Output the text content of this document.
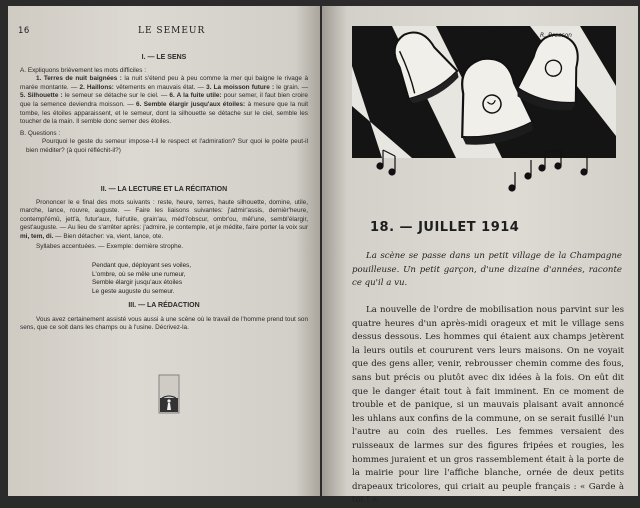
16	LE SEMEUR
I. — LE SENS
A. Expliquons brièvement les mots difficiles :
1. Terres de nuit baignées : la nuit s'étend peu à peu comme la mer qui baigne le rivage à marée montante. — 2. Haillons: vêtements en mauvais état. — 3. La moisson future : le grain. — 5. Silhouette : le semeur se détache sur le ciel. — 6. A la fuite utile: pour semer, il faut bien croire que la semence deviendra moisson. — 6. Semble élargir jusqu'aux étoiles: à mesure que la nuit tombe, les étoiles apparaissent, et le semeur, dont la silhouette se détache sur le ciel, semble les toucher de la main. Il semble donc semer des étoiles.
B. Questions :
Pourquoi le geste du semeur impose-t-il le respect et l'admiration? Sur quoi le poète peut-il bien méditer? (à quoi réfléchit-il?)
II. — LA LECTURE ET LA RÉCITATION
Prononcer le e final des mots suivants : reste, heure, terres, haute silhouette, domine, utile, marche, lance, rouvre, auguste. — Faire les liaisons suivantes: j'admir'assis, dernièr'heure, contempl'émû, jett'à, futur'aux, fuit'utile, grain'au, méd'i'obscur, ombr'ou, mêl'une, sembl'élargir, gest'auguste. — Au lieu de s'arrêter après: j'admire, je contemple, et je médite, faire porter la voix sur mi, tem, di. — Bien détacher: va, vient, lance, ote.
Syllabes accentuées. — Exemple: dernière strophe.
Pendant que, déployant ses voiles,
L'ombre, où se mêle une rumeur,
Semble élargir jusqu'aux étoiles
Le geste auguste du semeur.
III. — LA RÉDACTION
Vous avez certainement assisté vous aussi à une scène où le travail de l'homme prend tout son sens, que ce soit dans les champs ou à l'usine. Décrivez-la.
R. Bresson
18. — JUILLET 1914
La scène se passe dans un petit village de la Champagne pouilleuse. Un petit garçon, d'une dizaine d'années, raconte ce qu'il a vu.
La nouvelle de l'ordre de mobilisation nous parvint sur les quatre heures d'un après-midi orageux et mit le village sens dessus dessous. Les hommes qui étaient aux champs jetèrent la leurs outils et coururent vers leurs maisons. On ne voyait que des gens aller, venir, rebrousser chemin comme des fous, sans but précis ou plutôt avec dix idées à la fois. On eût dit que le danger était tout à fait imminent. En ce moment de trouble et de panique, si un mauvais plaisant avait annoncé les uhlans aux confins de la commune, on se serait fusillé l'un l'autre au coin des ruelles. Les femmes versaient des ruisseaux de larmes sur des figures fripées et rougies, les hommes juraient et un gros rassemblement était à la porte de la mairie pour lire l'affiche blanche, ornée de deux petits drapeaux tricolores, qui criait au peuple français : « Garde à toi ! »
